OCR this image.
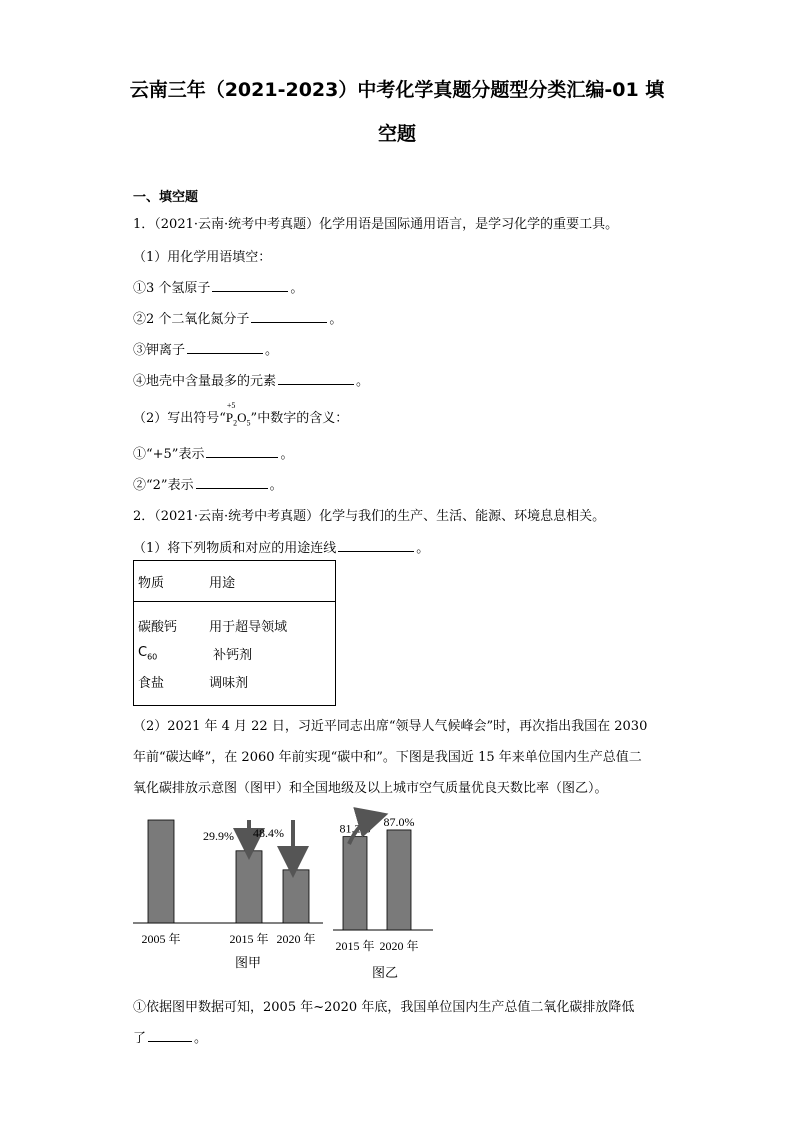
云南三年（2021-2023）中考化学真题分题型分类汇编-01 填
空题
一、填空题
1．（2021·云南·统考中考真题）化学用语是国际通用语言，是学习化学的重要工具。
（1）用化学用语填空：
①3 个氢原子	。
②2 个二氧化氮分子	。
③钾离子	。
④地壳中含量最多的元素	。
（2）写出符号“
+5
$P_2O_5$”中数字的含义：
①“+5”表示	。
②“2”表示	。
2．（2021·云南·统考中考真题）化学与我们的生产、生活、能源、环境息息相关。
（1）将下列物质和对应的用途连线	。
物质	用途
碳酸钙	用于超导领域
$C_{60}$	补钙剂
食盐	调味剂
（2）2021 年 4 月 22 日，习近平同志出席“领导人气候峰会”时，再次指出我国在 2030
年前“碳达峰”，在 2060 年前实现“碳中和”。下图是我国近 15 年来单位国内生产总值二
氧化碳排放示意图（图甲）和全国地级及以上城市空气质量优良天数比率（图乙）。
2005 年	2015 年 2020 年
29.9% 48.4%
图甲
81.2% 87.0%
2015 年 2020 年
图乙
①依据图甲数据可知，2005 年~2020 年底，我国单位国内生产总值二氧化碳排放降低
了	。
